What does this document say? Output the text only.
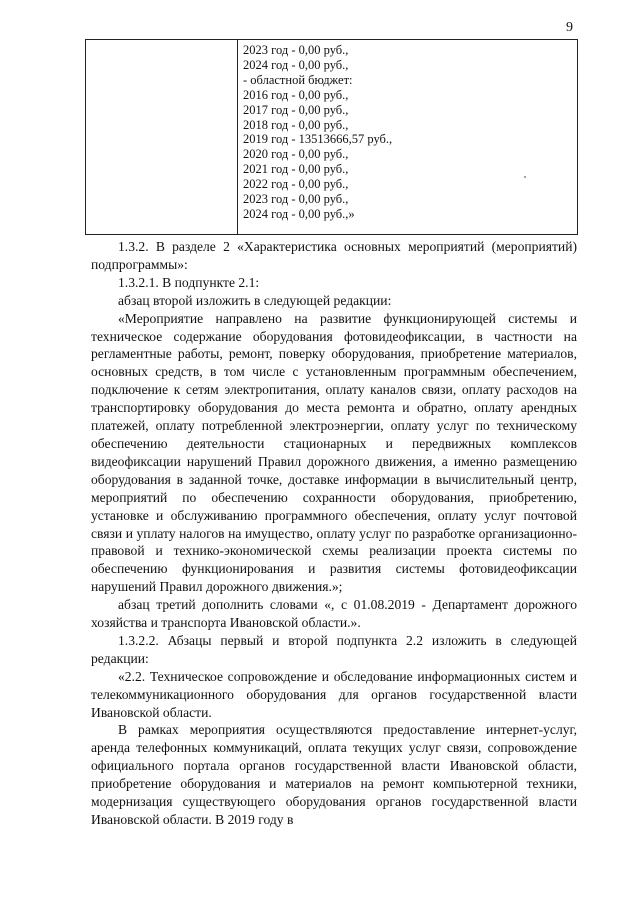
9
2023 год - 0,00 руб.,
2024 год - 0,00 руб.,
- областной бюджет:
2016 год - 0,00 руб.,
2017 год - 0,00 руб.,
2018 год - 0,00 руб.,
2019 год - 13513666,57 руб.,
2020 год - 0,00 руб.,
2021 год - 0,00 руб.,
2022 год - 0,00 руб.,
2023 год - 0,00 руб.,
2024 год - 0,00 руб.,»

1.3.2. В разделе 2 «Характеристика основных мероприятий (мероприятий) подпрограммы»:

1.3.2.1. В подпункте 2.1:

абзац второй изложить в следующей редакции:

«Мероприятие направлено на развитие функционирующей системы и техническое содержание оборудования фотовидеофиксации, в частности на регламентные работы, ремонт, поверку оборудования, приобретение материалов, основных средств, в том числе с установленным программным обеспечением, подключение к сетям электропитания, оплату каналов связи, оплату расходов на транспортировку оборудования до места ремонта и обратно, оплату арендных платежей, оплату потребленной электроэнергии, оплату услуг по техническому обеспечению деятельности стационарных и передвижных комплексов видеофиксации нарушений Правил дорожного движения, а именно размещению оборудования в заданной точке, доставке информации в вычислительный центр, мероприятий по обеспечению сохранности оборудования, приобретению, установке и обслуживанию программного обеспечения, оплату услуг почтовой связи и уплату налогов на имущество, оплату услуг по разработке организационно-правовой и технико-экономической схемы реализации проекта системы по обеспечению функционирования и развития системы фотовидеофиксации нарушений Правил дорожного движения.»;

абзац третий дополнить словами «, с 01.08.2019 - Департамент дорожного хозяйства и транспорта Ивановской области.».

1.3.2.2. Абзацы первый и второй подпункта 2.2 изложить в следующей редакции:

«2.2. Техническое сопровождение и обследование информационных систем и телекоммуникационного оборудования для органов государственной власти Ивановской области.

В рамках мероприятия осуществляются предоставление интернет-услуг, аренда телефонных коммуникаций, оплата текущих услуг связи, сопровождение официального портала органов государственной власти Ивановской области, приобретение оборудования и материалов на ремонт компьютерной техники, модернизация существующего оборудования органов государственной власти Ивановской области. В 2019 году в
